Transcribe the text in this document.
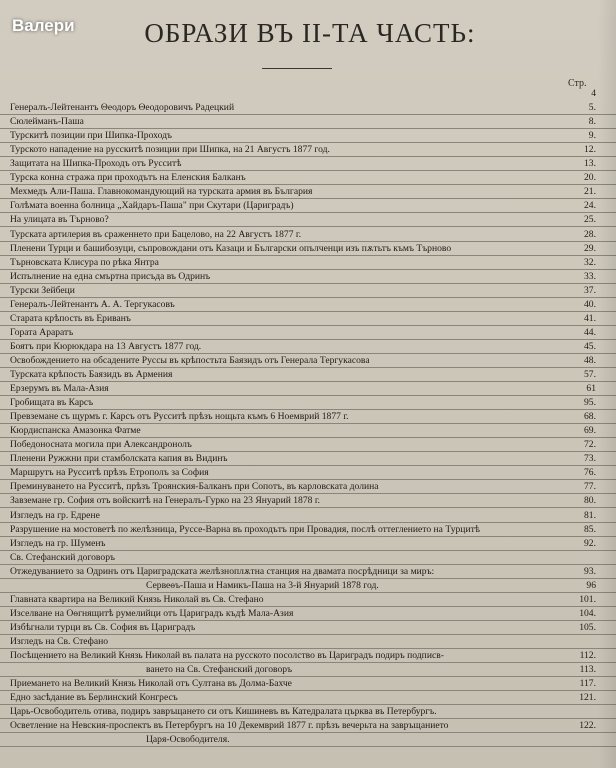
Валери	ОБРАЗИ ВЪ II-ТА ЧАСТЬ:
Стр.
4
Генералъ-Лейтенантъ Θеодоръ Θеодоровичъ Радецкий	5.
Сюлейманъ-Паша	8.
Турскитѣ позиции при Шипка-Проходъ	9.
Турското нападение на русскитѣ позиции при Шипка, на 21 Августъ 1877 год.	12.
Защитата на Шипка-Проходъ отъ Русситѣ	13.
Турска конна стража при проходътъ на Еленския Балканъ	20.
Мехмедъ Али-Паша. Главнокомандующий на турската армия въ България	21.
Голѣмата военна болница „Хайдаръ-Паша" при Скутари (Цариградъ)	24.
На улицата въ Търново?	25.
Турската артилерия въ сраженнето при Бацелово, на 22 Августъ 1877 г.	28.
Пленени Турци и башибозуци, съпровождани отъ Казаци и Български опълченци изъ пѫтьтъ къмъ Търново	29.
Търновската Клисура по рѣка Янтра	32.
Испълнение на една смъртна присъда въ Одринъ	33.
Турски Зейбеци	37.
Генералъ-Лейтенантъ А. А. Тергукасовъ	40.
Старата крѣпость въ Ериванъ	41.
Гората Араратъ	44.
Боятъ при Кюрюкдара на 13 Августъ 1877 год.	45.
Освобождението на обсадените Руссы въ крѣпостьта Баязидъ отъ Генерала Тергукасова	48.
Турската крѣпость Баязидъ въ Армения	57.
Ерзерумъ въ Мала-Азия	61
Гробищата въ Карсъ	95.
Превземане съ щурмъ г. Карсъ отъ Русситѣ прѣзъ нощьта къмъ 6 Ноемврий 1877 г.	68.
Кюрдиспанска Амазонка Фатме	69.
Победоносната могила при Александронолъ	72.
Пленени Ружжни при стамболската капия въ Видинъ	73.
Маршрутъ на Русситѣ прѣзъ Етрополъ за София	76.
Преминуването на Русситѣ, прѣзъ Троянския-Балканъ при Сопотъ, въ карловската долина	77.
Завземане гр. София отъ войскитѣ на Генералъ-Гурко на 23 Януарий 1878 г.	80.
Изгледъ на гр. Едрене	81.
Разрушение на мостоветѣ по желѣзница, Руссе-Варна въ проходътъ при Провадия, послѣ оттеглението на Турцитѣ	85.
Изгледъ на гр. Шуменъ	92.
Св. Стефанский договоръ
Отжедуванието за Одринъ отъ Цариградската желѣзноплѫтна станция на двамата посрѣдници за миръ:	93.
Сервеѳъ-Паша и Намикъ-Паша на 3-й Януарий 1878 год.	96
Главната квартира на Великий Князь Николай въ Св. Стефано	101.
Изселване на Оѳгнящитѣ румелийци отъ Цариградъ къдѣ Мала-Азия	104.
Избѣгнали турци въ Св. София въ Цариградъ	105.
Изгледъ на Св. Стефано
Посѣщението на Великий Князь Николай въ палата на русското посолство въ Цариградъ подиръ подписв-	112.
ването на Св. Стефанский договоръ	113.
Приемането на Великий Князь Николай отъ Султана въ Долма-Бахче	117.
Едно засѣдание въ Берлинский Конгресъ	121.
Царь-Освободитель отива, подиръ завръщането си отъ Кишиневъ въ Катедралата църква въ Петербургъ.
Осветление на Невския-проспектъ въ Петербургъ на 10 Декемврий 1877 г. прѣзъ вечерьта на завръщанието	122.
Царя-Освободителя.
